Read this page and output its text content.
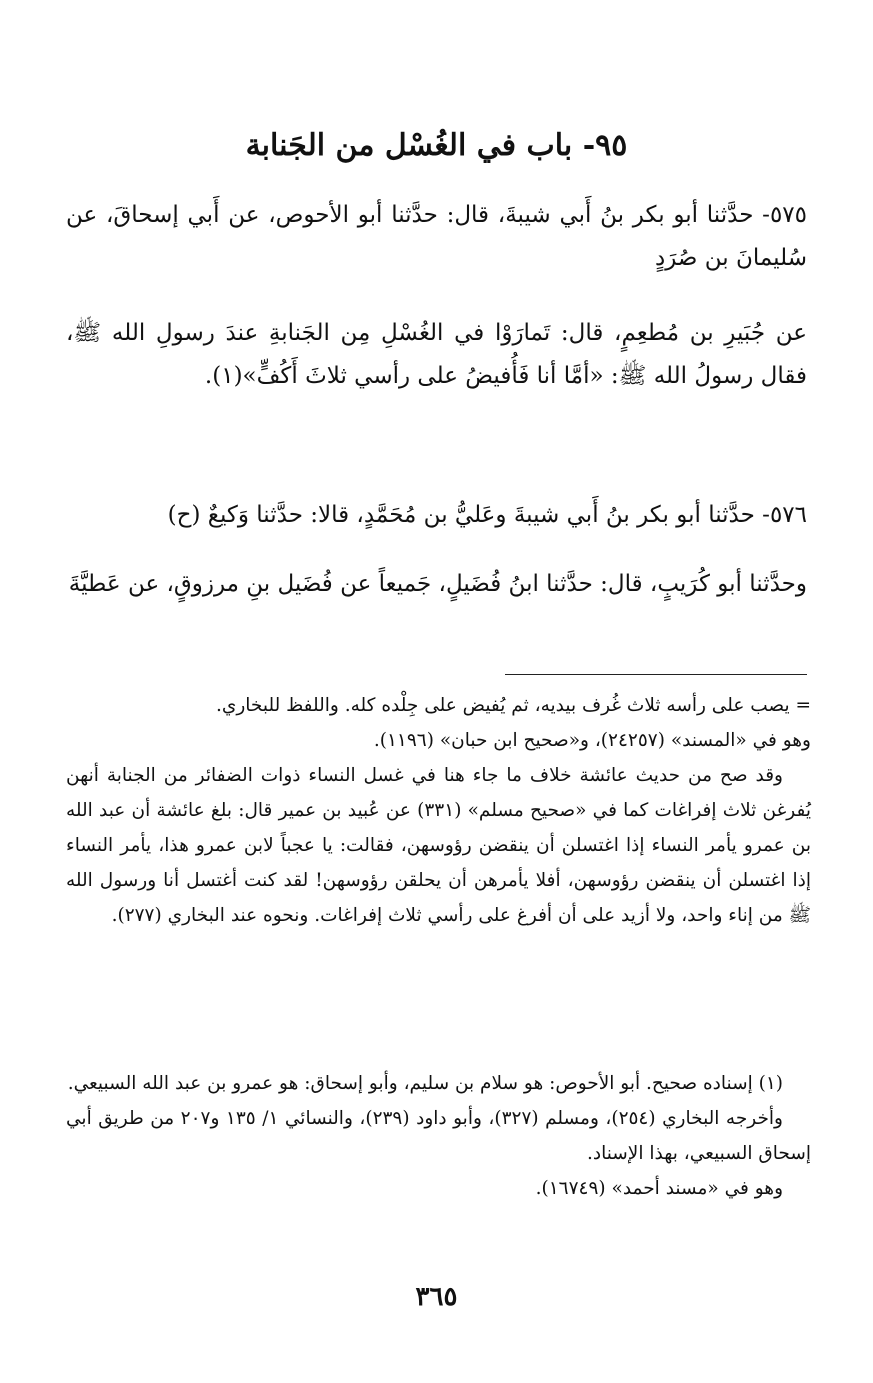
٩٥- باب في الغُسْل من الجَنابة
٥٧٥- حدَّثنا أبو بكر بنُ أَبي شيبةَ، قال: حدَّثنا أبو الأحوص، عن أَبي إسحاقَ، عن سُليمانَ بن صُرَدٍ
عن جُبَيرِ بن مُطعِمٍ، قال: تَمارَوْا في الغُسْلِ مِن الجَنابةِ عندَ رسولِ الله ﷺ، فقال رسولُ الله ﷺ: «أمَّا أنا فَأُفيضُ على رأسي ثلاثَ أَكُفٍّ»(١).
٥٧٦- حدَّثنا أبو بكر بنُ أَبي شيبةَ وعَليُّ بن مُحَمَّدٍ، قالا: حدَّثنا وَكيعٌ (ح)
وحدَّثنا أبو كُرَيبٍ، قال: حدَّثنا ابنُ فُضَيلٍ، جَميعاً عن فُضَيل بنِ مرزوقٍ، عن عَطيَّةَ

= يصب على رأسه ثلاث غُرف بيديه، ثم يُفيض على جِلْده كله. واللفظ للبخاري.

وهو في «المسند» (٢٤٢٥٧)، و«صحيح ابن حبان» (١١٩٦).

وقد صح من حديث عائشة خلاف ما جاء هنا في غسل النساء ذوات الضفائر من الجنابة أنهن يُفرغن ثلاث إفراغات كما في «صحيح مسلم» (٣٣١) عن عُبيد بن عمير قال: بلغ عائشة أن عبد الله بن عمرو يأمر النساء إذا اغتسلن أن ينقضن رؤوسهن، فقالت: يا عجباً لابن عمرو هذا، يأمر النساء إذا اغتسلن أن ينقضن رؤوسهن، أفلا يأمرهن أن يحلقن رؤوسهن! لقد كنت أغتسل أنا ورسول الله ﷺ من إناء واحد، ولا أزيد على أن أفرغ على رأسي ثلاث إفراغات. ونحوه عند البخاري (٢٧٧).

(١) إسناده صحيح. أبو الأحوص: هو سلام بن سليم، وأبو إسحاق: هو عمرو بن عبد الله السبيعي.

وأخرجه البخاري (٢٥٤)، ومسلم (٣٢٧)، وأبو داود (٢٣٩)، والنسائي ١/ ١٣٥ و٢٠٧ من طريق أبي إسحاق السبيعي، بهذا الإسناد.

وهو في «مسند أحمد» (١٦٧٤٩).

٣٦٥
